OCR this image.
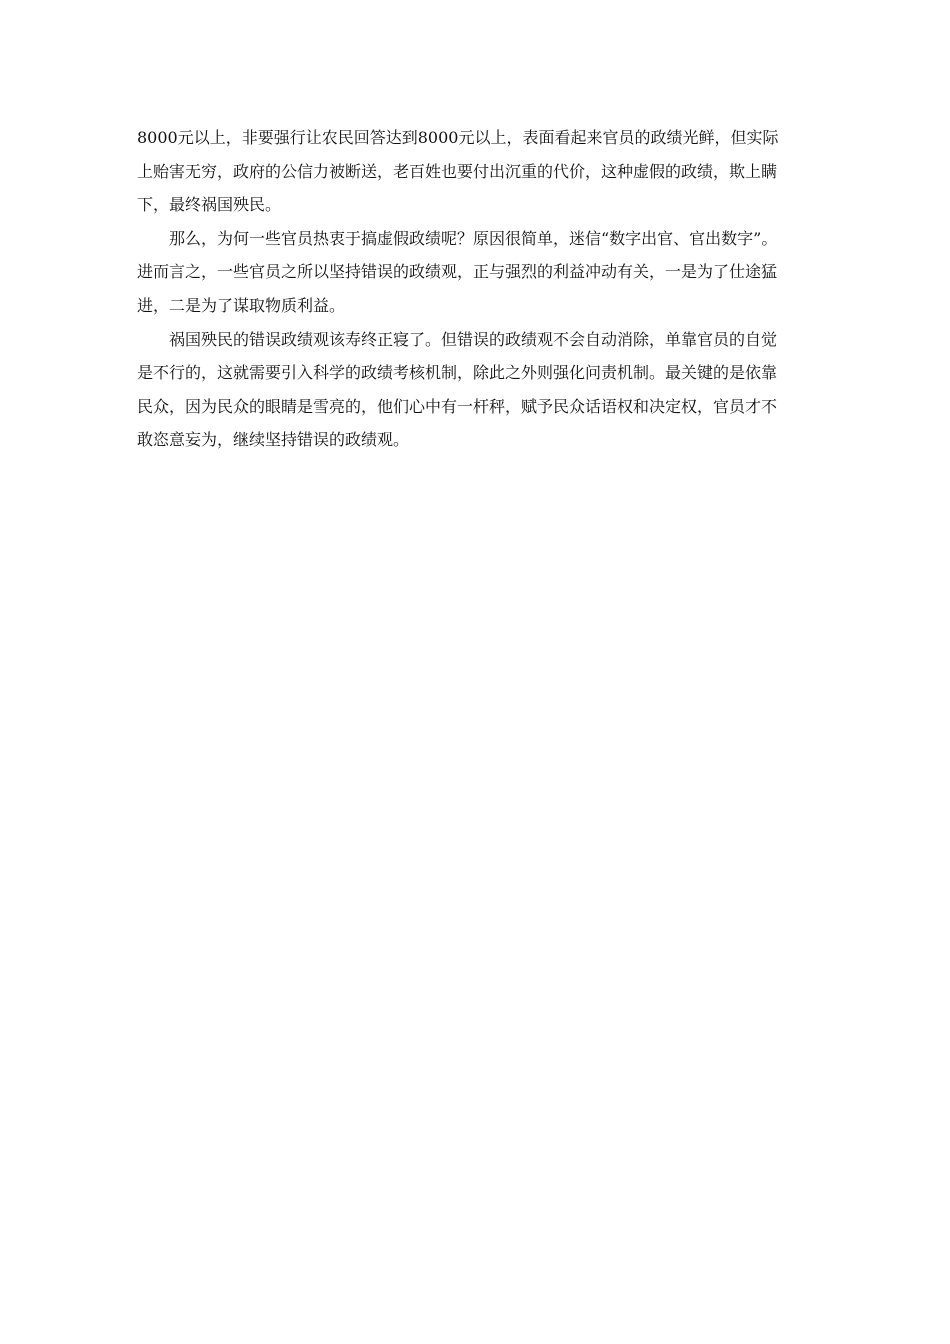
8000元以上，非要强行让农民回答达到8000元以上，表面看起来官员的政绩光鲜，但实际
上贻害无穷，政府的公信力被断送，老百姓也要付出沉重的代价，这种虚假的政绩，欺上瞒
下，最终祸国殃民。
那么，为何一些官员热衷于搞虚假政绩呢？原因很简单，迷信“数字出官、官出数字”。
进而言之，一些官员之所以坚持错误的政绩观，正与强烈的利益冲动有关，一是为了仕途猛
进，二是为了谋取物质利益。
祸国殃民的错误政绩观该寿终正寝了。但错误的政绩观不会自动消除，单靠官员的自觉
是不行的，这就需要引入科学的政绩考核机制，除此之外则强化问责机制。最关键的是依靠
民众，因为民众的眼睛是雪亮的，他们心中有一杆秤，赋予民众话语权和决定权，官员才不
敢恣意妄为，继续坚持错误的政绩观。
